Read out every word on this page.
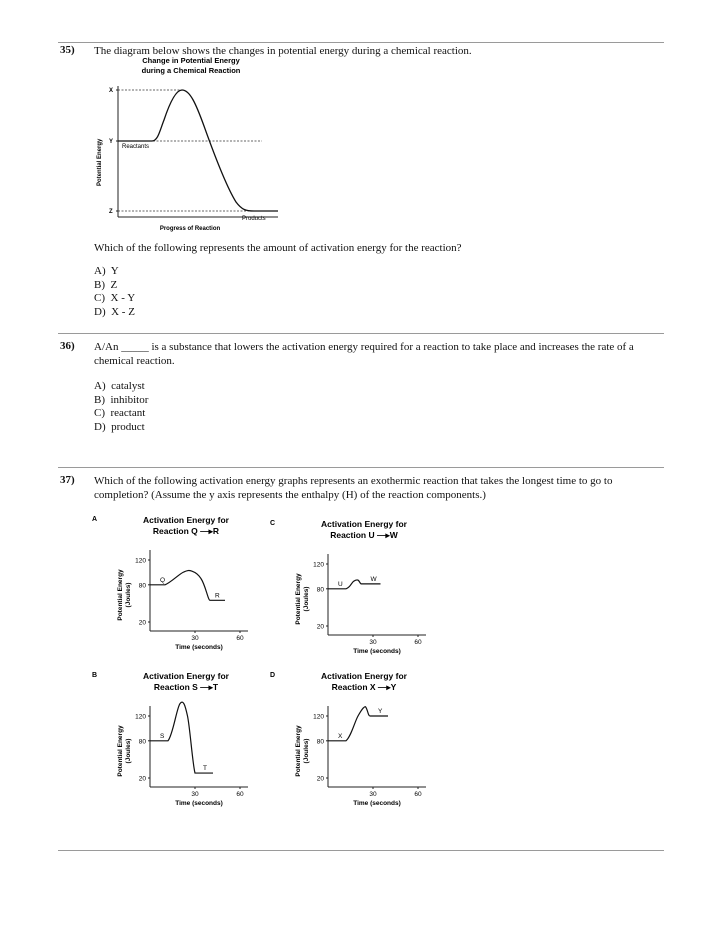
35) The diagram below shows the changes in potential energy during a chemical reaction.
Change in Potential Energy
during a Chemical Reaction
Potential Energy
Progress of Reaction
X
Y
Z
Reactants
Products
Which of the following represents the amount of activation energy for the reaction?
A)  Y
B)  Z
C)  X - Y
D)  X - Z
36) A/An _____ is a substance that lowers the activation energy required for a reaction to take place and increases the rate of a chemical reaction.
A)  catalyst
B)  inhibitor
C)  reactant
D)  product
37) Which of the following activation energy graphs represents an exothermic reaction that takes the longest time to go to completion? (Assume the y axis represents the enthalpy (H) of the reaction components.)
A	Activation Energy for
Reaction Q —▸R
Potential Energy (Joules)
120
80
20
30	60
Time (seconds)
Q
R
C	Activation Energy for
Reaction U —▸W
Potential Energy (Joules)
120
80
20
30	60
Time (seconds)
U
W
B	Activation Energy for
Reaction S —▸T
Potential Energy (Joules)
120
80
20
30	60
Time (seconds)
S
T
D	Activation Energy for
Reaction X —▸Y
Potential Energy (Joules)
120
80
20
30	60
Time (seconds)
X
Y
